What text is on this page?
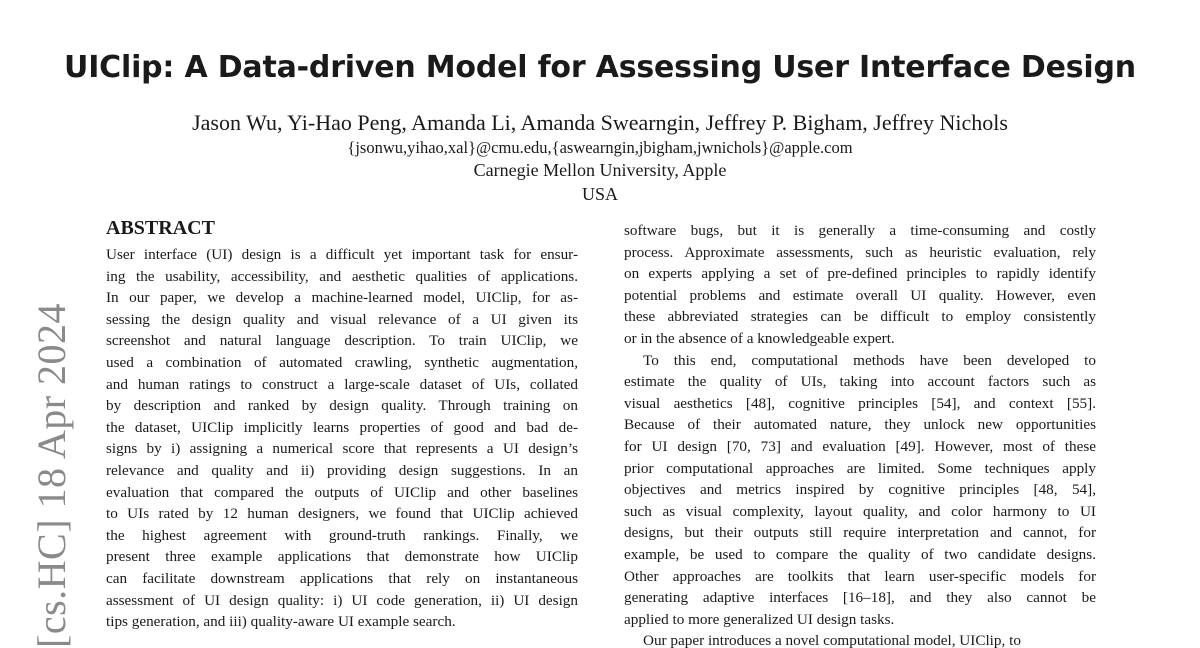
UIClip: A Data-driven Model for Assessing User Interface Design

Jason Wu, Yi-Hao Peng, Amanda Li, Amanda Swearngin, Jeffrey P. Bigham, Jeffrey Nichols

{jsonwu,yihao,xal}@cmu.edu,{aswearngin,jbigham,jwnichols}@apple.com

Carnegie Mellon University, Apple

USA

[cs.HC] 18 Apr 2024
ABSTRACT
User interface (UI) design is a difficult yet important task for ensur-
ing the usability, accessibility, and aesthetic qualities of applications.
In our paper, we develop a machine-learned model, UIClip, for as-
sessing the design quality and visual relevance of a UI given its
screenshot and natural language description. To train UIClip, we
used a combination of automated crawling, synthetic augmentation,
and human ratings to construct a large-scale dataset of UIs, collated
by description and ranked by design quality. Through training on
the dataset, UIClip implicitly learns properties of good and bad de-
signs by i) assigning a numerical score that represents a UI design’s
relevance and quality and ii) providing design suggestions. In an
evaluation that compared the outputs of UIClip and other baselines
to UIs rated by 12 human designers, we found that UIClip achieved
the highest agreement with ground-truth rankings. Finally, we
present three example applications that demonstrate how UIClip
can facilitate downstream applications that rely on instantaneous
assessment of UI design quality: i) UI code generation, ii) UI design
tips generation, and iii) quality-aware UI example search.
software bugs, but it is generally a time-consuming and costly
process. Approximate assessments, such as heuristic evaluation, rely
on experts applying a set of pre-defined principles to rapidly identify
potential problems and estimate overall UI quality. However, even
these abbreviated strategies can be difficult to employ consistently
or in the absence of a knowledgeable expert.
To this end, computational methods have been developed to
estimate the quality of UIs, taking into account factors such as
visual aesthetics [48], cognitive principles [54], and context [55].
Because of their automated nature, they unlock new opportunities
for UI design [70, 73] and evaluation [49]. However, most of these
prior computational approaches are limited. Some techniques apply
objectives and metrics inspired by cognitive principles [48, 54],
such as visual complexity, layout quality, and color harmony to UI
designs, but their outputs still require interpretation and cannot, for
example, be used to compare the quality of two candidate designs.
Other approaches are toolkits that learn user-specific models for
generating adaptive interfaces [16–18], and they also cannot be
applied to more generalized UI design tasks.
Our paper introduces a novel computational model, UIClip, to
